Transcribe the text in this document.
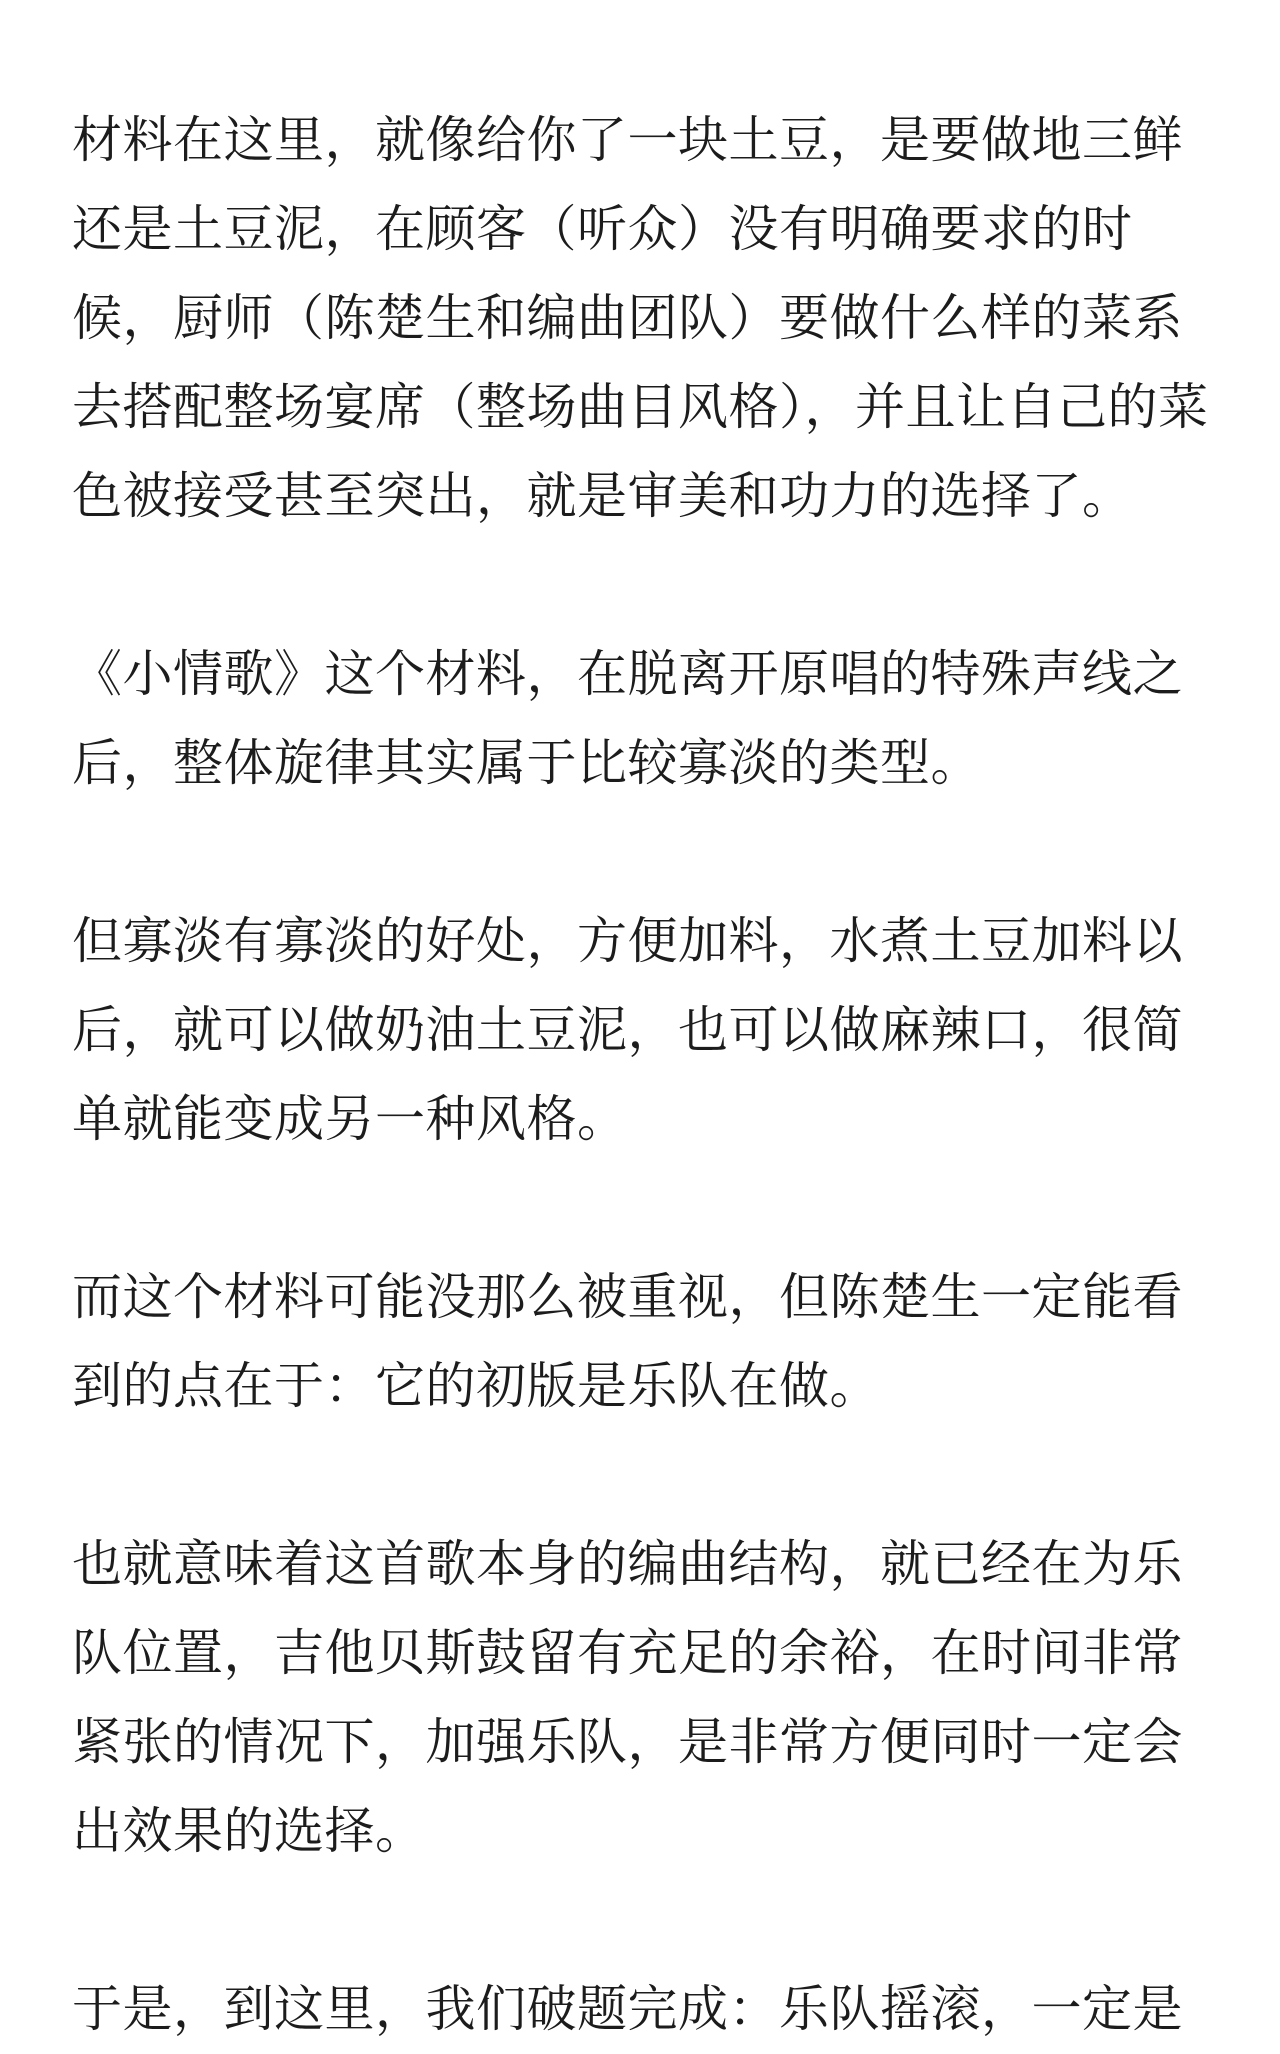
材料在这里，就像给你了一块土豆，是要做地三鲜还是土豆泥，在顾客（听众）没有明确要求的时候，厨师（陈楚生和编曲团队）要做什么样的菜系去搭配整场宴席（整场曲目风格），并且让自己的菜色被接受甚至突出，就是审美和功力的选择了。

《小情歌》这个材料，在脱离开原唱的特殊声线之后，整体旋律其实属于比较寡淡的类型。

但寡淡有寡淡的好处，方便加料，水煮土豆加料以后，就可以做奶油土豆泥，也可以做麻辣口，很简单就能变成另一种风格。

而这个材料可能没那么被重视，但陈楚生一定能看到的点在于：它的初版是乐队在做。

也就意味着这首歌本身的编曲结构，就已经在为乐队位置，吉他贝斯鼓留有充足的余裕，在时间非常紧张的情况下，加强乐队，是非常方便同时一定会出效果的选择。

于是，到这里，我们破题完成：乐队摇滚，一定是
